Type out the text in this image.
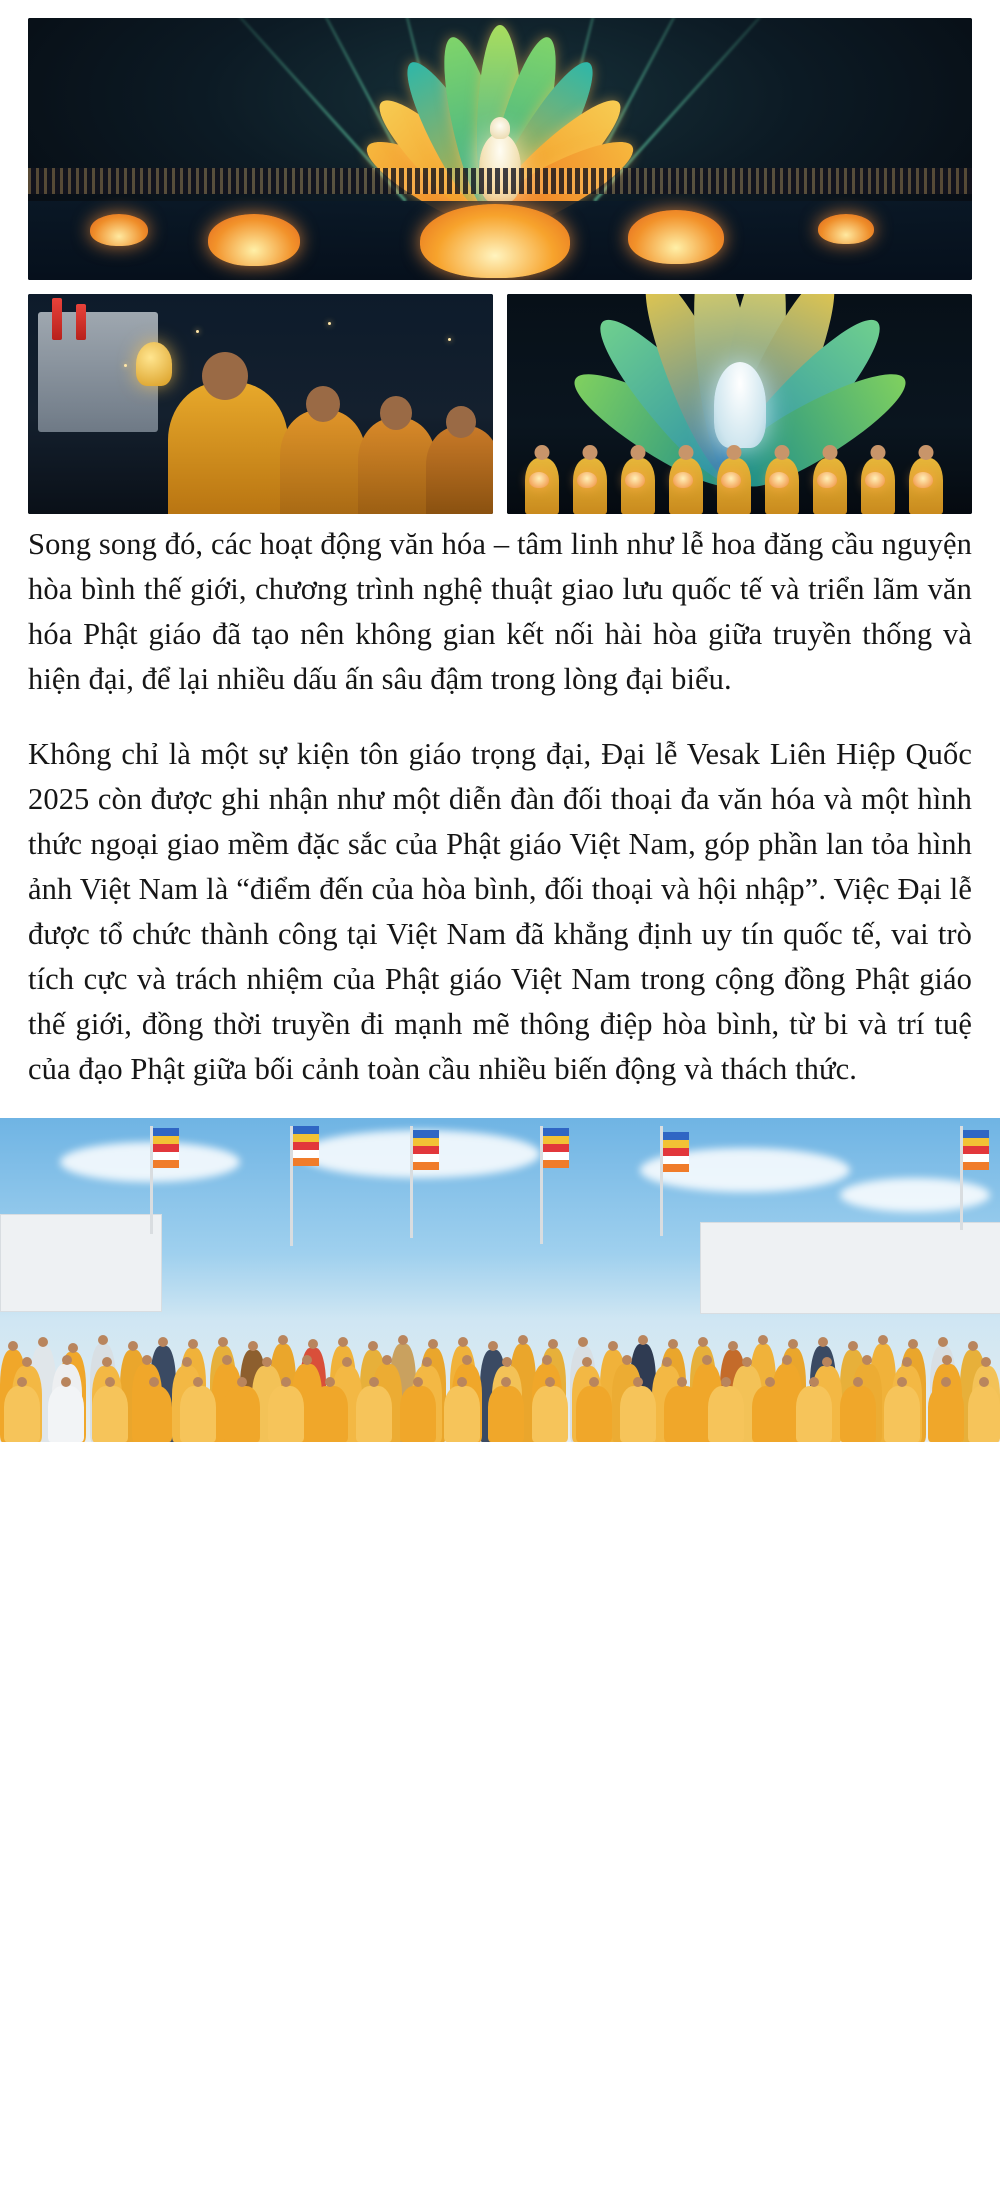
Song song đó, các hoạt động văn hóa – tâm linh như lễ hoa đăng cầu nguyện hòa bình thế giới, chương trình nghệ thuật giao lưu quốc tế và triển lãm văn hóa Phật giáo đã tạo nên không gian kết nối hài hòa giữa truyền thống và hiện đại, để lại nhiều dấu ấn sâu đậm trong lòng đại biểu.

Không chỉ là một sự kiện tôn giáo trọng đại, Đại lễ Vesak Liên Hiệp Quốc 2025 còn được ghi nhận như một diễn đàn đối thoại đa văn hóa và một hình thức ngoại giao mềm đặc sắc của Phật giáo Việt Nam, góp phần lan tỏa hình ảnh Việt Nam là “điểm đến của hòa bình, đối thoại và hội nhập”. Việc Đại lễ được tổ chức thành công tại Việt Nam đã khẳng định uy tín quốc tế, vai trò tích cực và trách nhiệm của Phật giáo Việt Nam trong cộng đồng Phật giáo thế giới, đồng thời truyền đi mạnh mẽ thông điệp hòa bình, từ bi và trí tuệ của đạo Phật giữa bối cảnh toàn cầu nhiều biến động và thách thức.
